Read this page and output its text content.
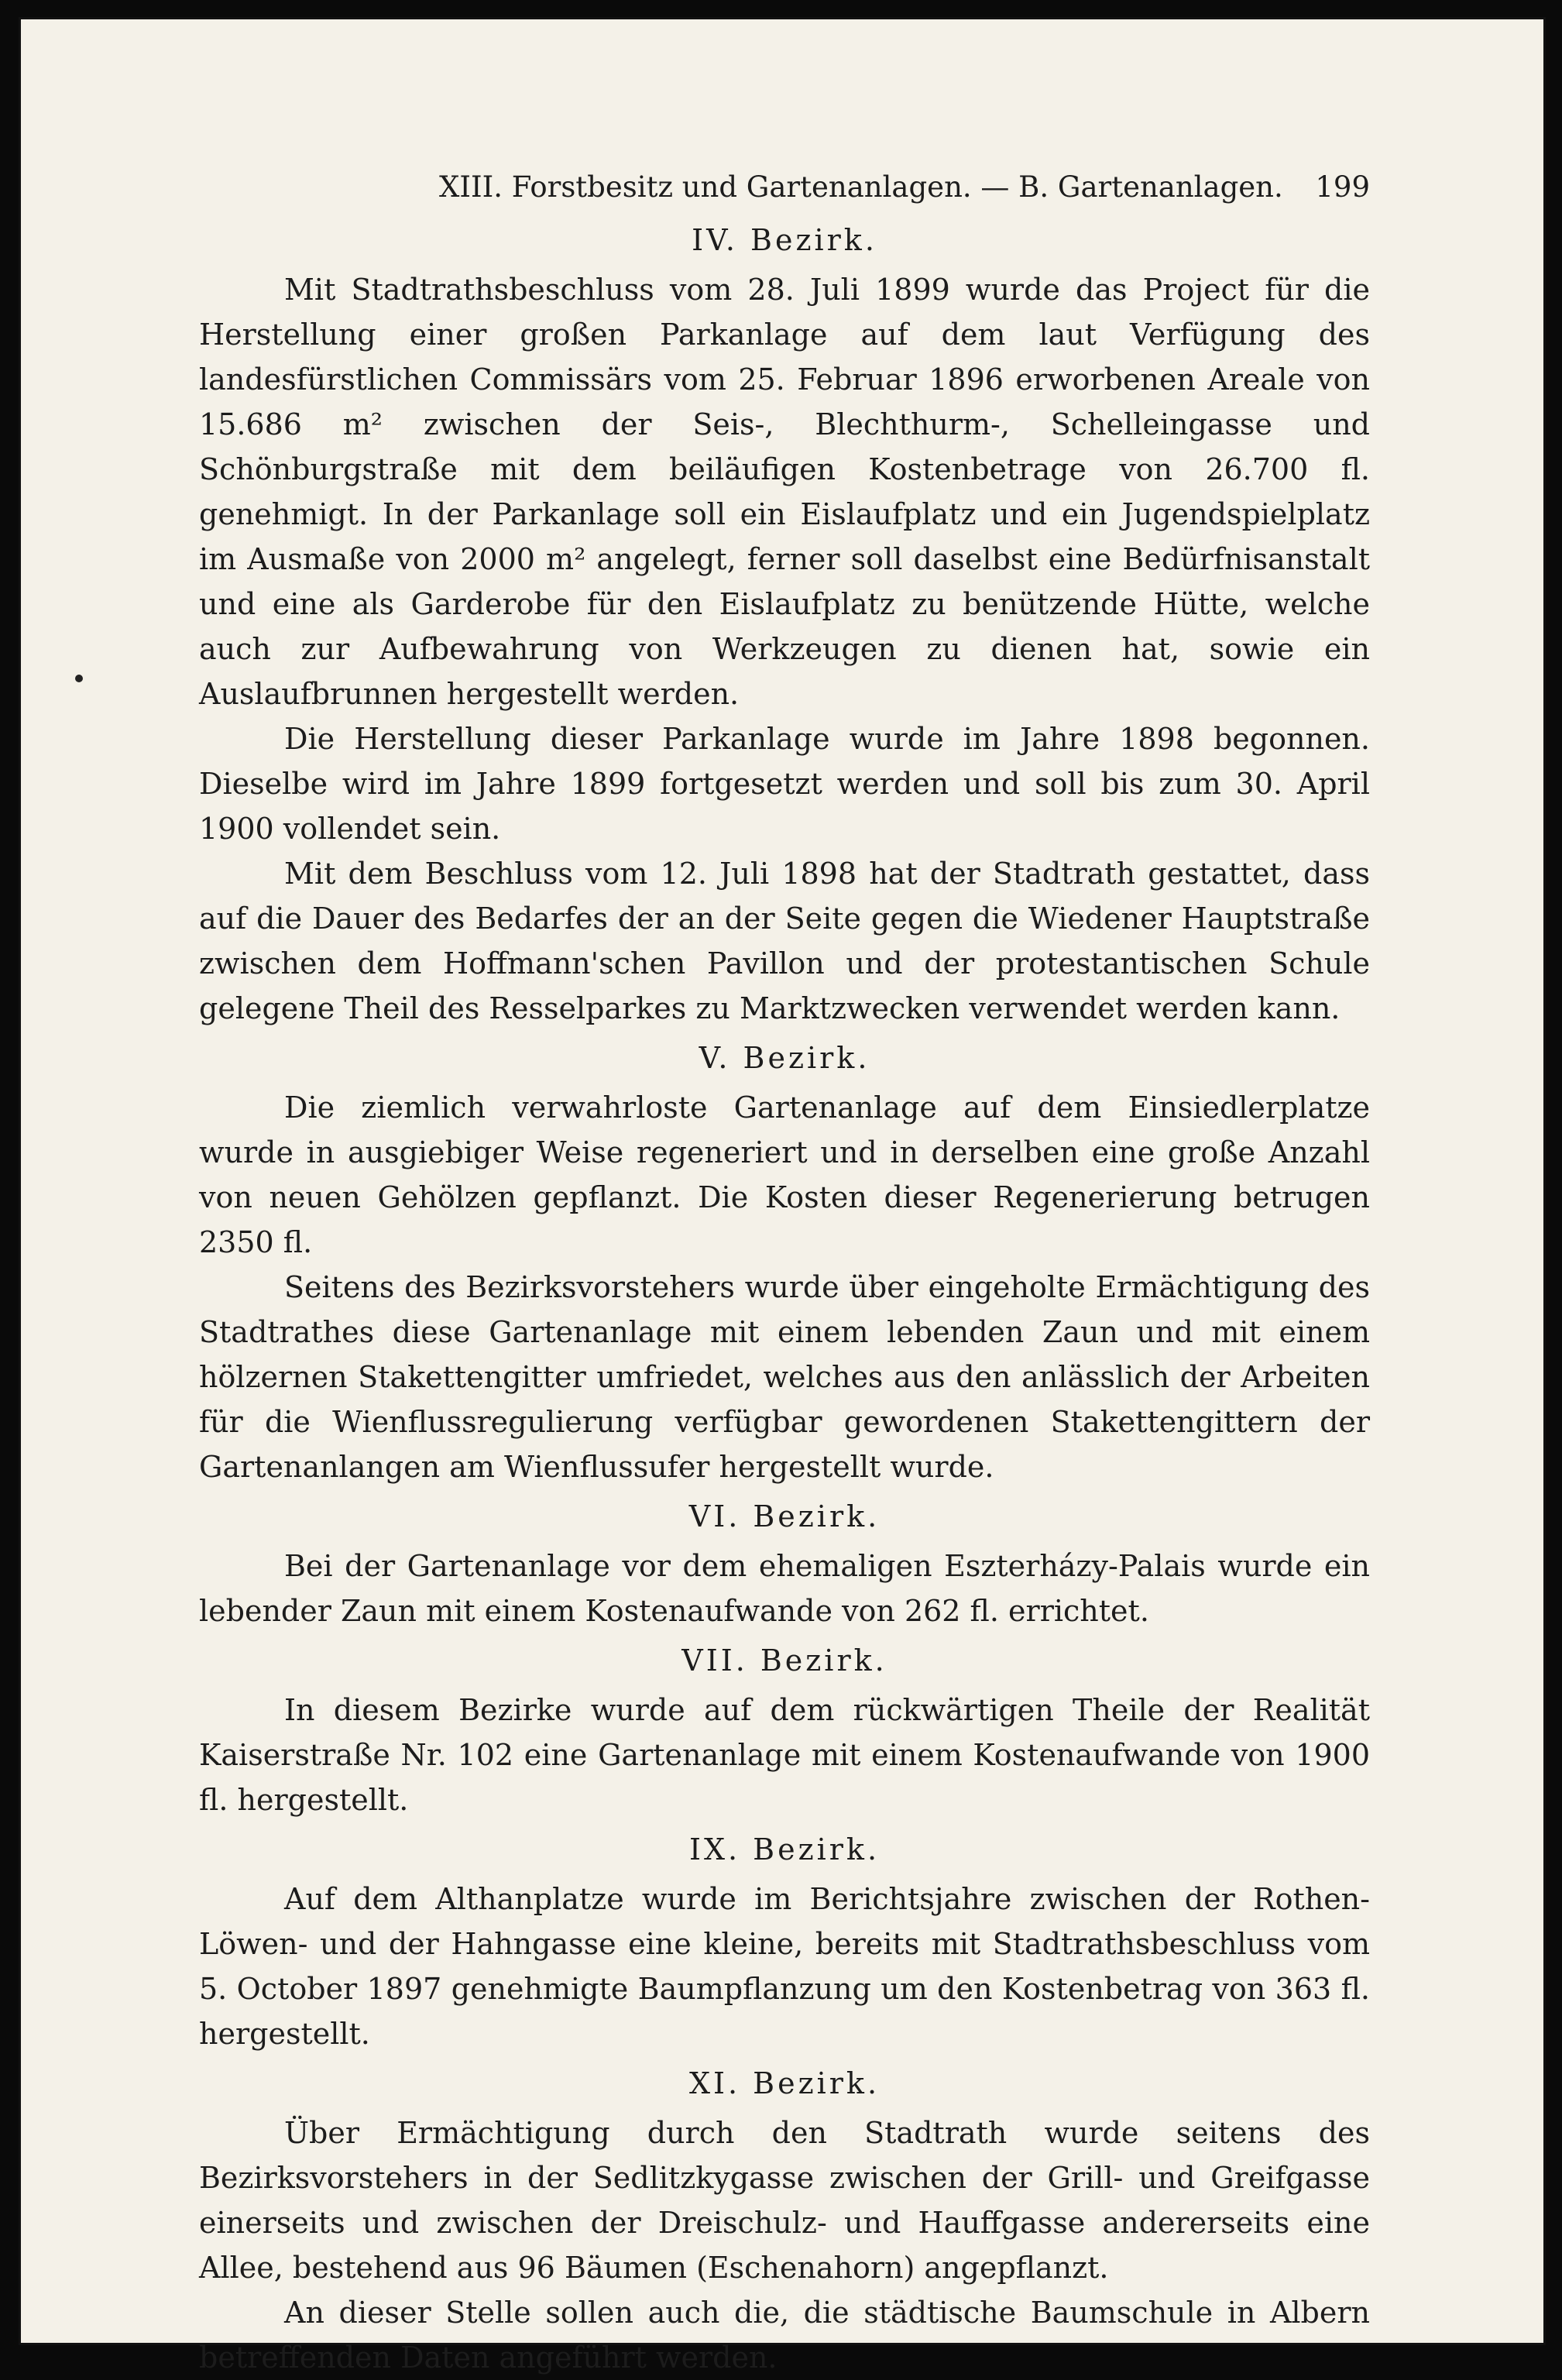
XIII. Forstbesitz und Gartenanlagen. — B. Gartenanlagen. 199
IV. Bezirk.

Mit Stadtrathsbeschluss vom 28. Juli 1899 wurde das Project für die Herstellung einer großen Parkanlage auf dem laut Verfügung des landesfürstlichen Commissärs vom 25. Februar 1896 erworbenen Areale von 15.686 m² zwischen der Seis-, Blechthurm-, Schelleingasse und Schönburgstraße mit dem beiläufigen Kostenbetrage von 26.700 fl. genehmigt. In der Parkanlage soll ein Eislaufplatz und ein Jugendspielplatz im Ausmaße von 2000 m² angelegt, ferner soll daselbst eine Bedürfnisanstalt und eine als Garderobe für den Eislaufplatz zu benützende Hütte, welche auch zur Aufbewahrung von Werkzeugen zu dienen hat, sowie ein Auslaufbrunnen hergestellt werden.

Die Herstellung dieser Parkanlage wurde im Jahre 1898 begonnen. Dieselbe wird im Jahre 1899 fortgesetzt werden und soll bis zum 30. April 1900 vollendet sein.

Mit dem Beschluss vom 12. Juli 1898 hat der Stadtrath gestattet, dass auf die Dauer des Bedarfes der an der Seite gegen die Wiedener Hauptstraße zwischen dem Hoffmann'schen Pavillon und der protestantischen Schule gelegene Theil des Resselparkes zu Marktzwecken verwendet werden kann.

V. Bezirk.

Die ziemlich verwahrloste Gartenanlage auf dem Einsiedlerplatze wurde in ausgiebiger Weise regeneriert und in derselben eine große Anzahl von neuen Gehölzen gepflanzt. Die Kosten dieser Regenerierung betrugen 2350 fl.

Seitens des Bezirksvorstehers wurde über eingeholte Ermächtigung des Stadtrathes diese Gartenanlage mit einem lebenden Zaun und mit einem hölzernen Stakettengitter umfriedet, welches aus den anlässlich der Arbeiten für die Wienflussregulierung verfügbar gewordenen Stakettengittern der Gartenanlangen am Wienflussufer hergestellt wurde.

VI. Bezirk.

Bei der Gartenanlage vor dem ehemaligen Eszterházy-Palais wurde ein lebender Zaun mit einem Kostenaufwande von 262 fl. errichtet.

VII. Bezirk.

In diesem Bezirke wurde auf dem rückwärtigen Theile der Realität Kaiserstraße Nr. 102 eine Gartenanlage mit einem Kostenaufwande von 1900 fl. hergestellt.

IX. Bezirk.

Auf dem Althanplatze wurde im Berichtsjahre zwischen der Rothen-Löwen- und der Hahngasse eine kleine, bereits mit Stadtrathsbeschluss vom 5. October 1897 genehmigte Baumpflanzung um den Kostenbetrag von 363 fl. hergestellt.

XI. Bezirk.

Über Ermächtigung durch den Stadtrath wurde seitens des Bezirksvorstehers in der Sedlitzkygasse zwischen der Grill- und Greifgasse einerseits und zwischen der Dreischulz- und Hauffgasse andererseits eine Allee, bestehend aus 96 Bäumen (Eschenahorn) angepflanzt.

An dieser Stelle sollen auch die, die städtische Baumschule in Albern betreffenden Daten angeführt werden.
